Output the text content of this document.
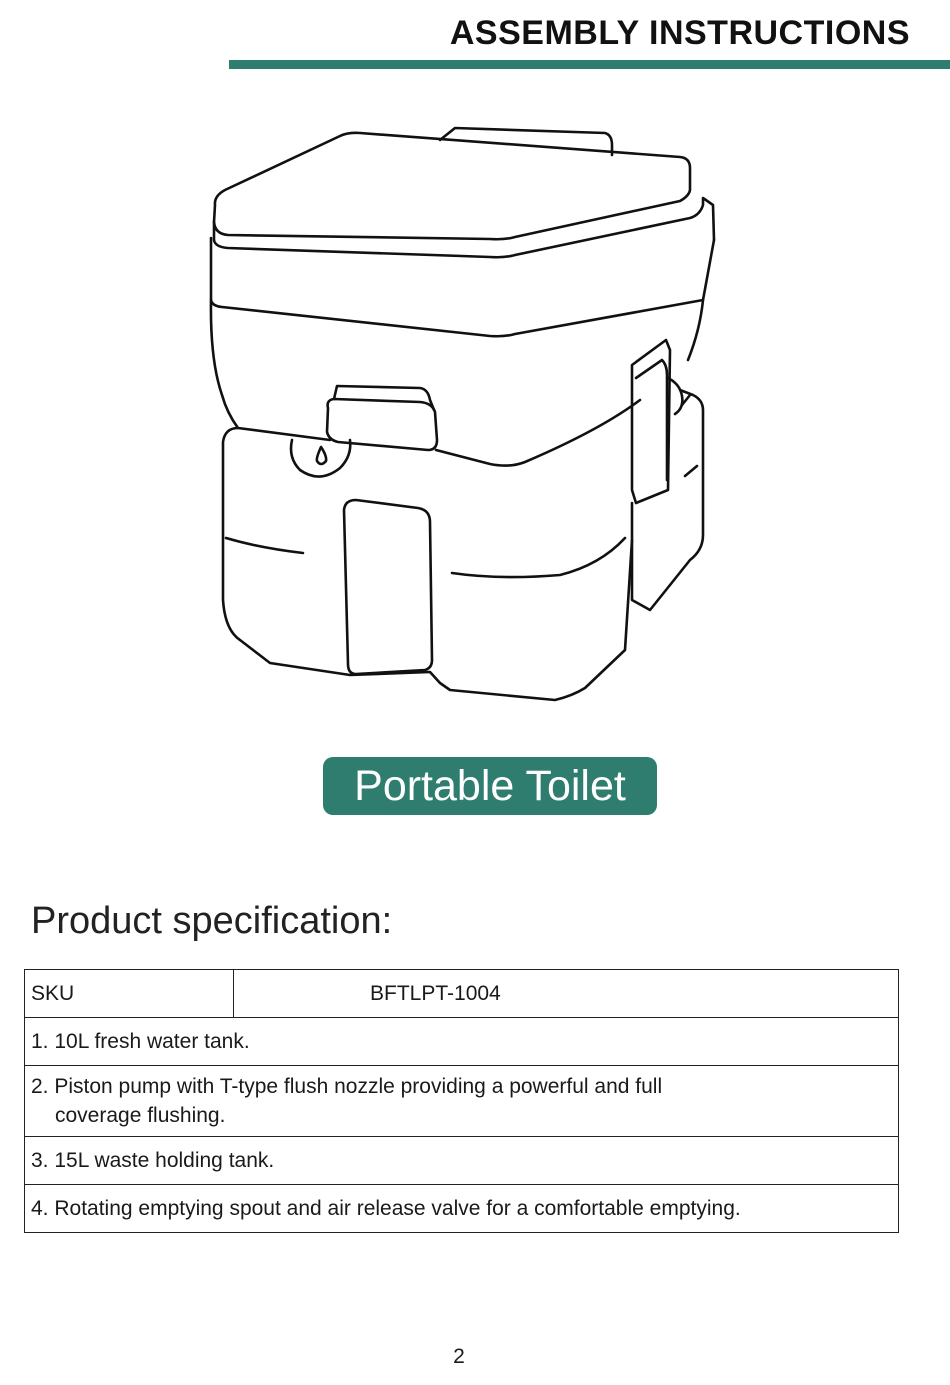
ASSEMBLY INSTRUCTIONS
Portable Toilet
Product specification:
SKU	BFTLPT-1004
1. 10L fresh water tank.
2. Piston pump with T-type flush nozzle providing a powerful and full
coverage flushing.

3. 15L waste holding tank.
4. Rotating emptying spout and air release valve for a comfortable emptying.
2
